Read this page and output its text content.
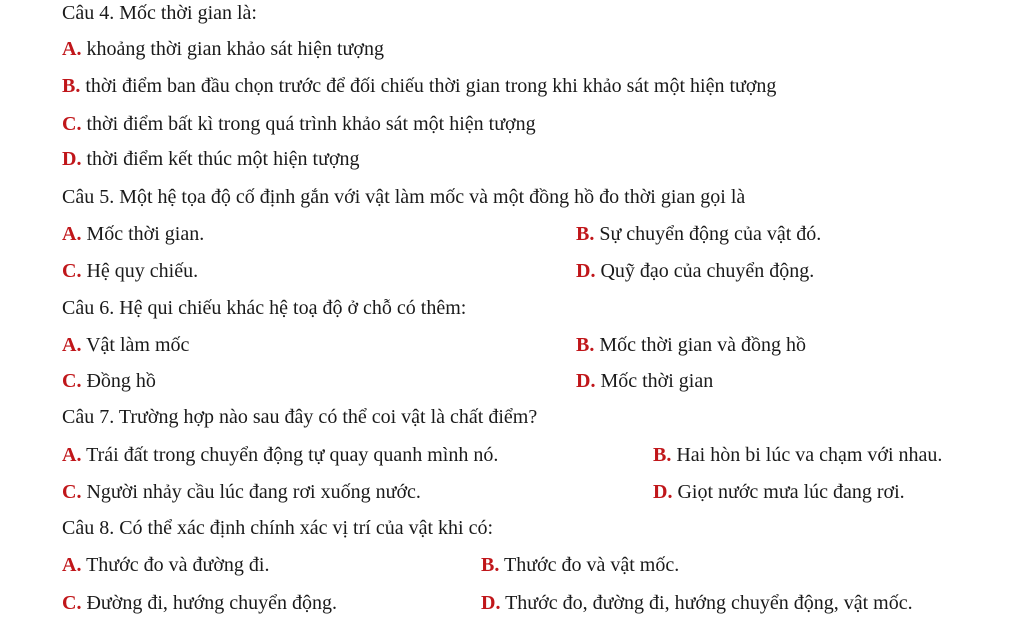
Câu 4. Mốc thời gian là:
A. khoảng thời gian khảo sát hiện tượng
B. thời điểm ban đầu chọn trước để đối chiếu thời gian trong khi khảo sát một hiện tượng
C. thời điểm bất kì trong quá trình khảo sát một hiện tượng
D. thời điểm kết thúc một hiện tượng
Câu 5. Một hệ tọa độ cố định gắn với vật làm mốc và một đồng hồ đo thời gian gọi là
A. Mốc thời gian.	B. Sự chuyển động của vật đó.
C. Hệ quy chiếu.	D. Quỹ đạo của chuyển động.
Câu 6. Hệ qui chiếu khác hệ toạ độ ở chỗ có thêm:
A. Vật làm mốc	B. Mốc thời gian và đồng hồ
C. Đồng hồ	D. Mốc thời gian
Câu 7. Trường hợp nào sau đây có thể coi vật là chất điểm?
A. Trái đất trong chuyển động tự quay quanh mình nó.	B. Hai hòn bi lúc va chạm với nhau.
C. Người nhảy cầu lúc đang rơi xuống nước.	D. Giọt nước mưa lúc đang rơi.
Câu 8. Có thể xác định chính xác vị trí của vật khi có:
A. Thước đo và đường đi.	B. Thước đo và vật mốc.
C. Đường đi, hướng chuyển động.	D. Thước đo, đường đi, hướng chuyển động, vật mốc.
